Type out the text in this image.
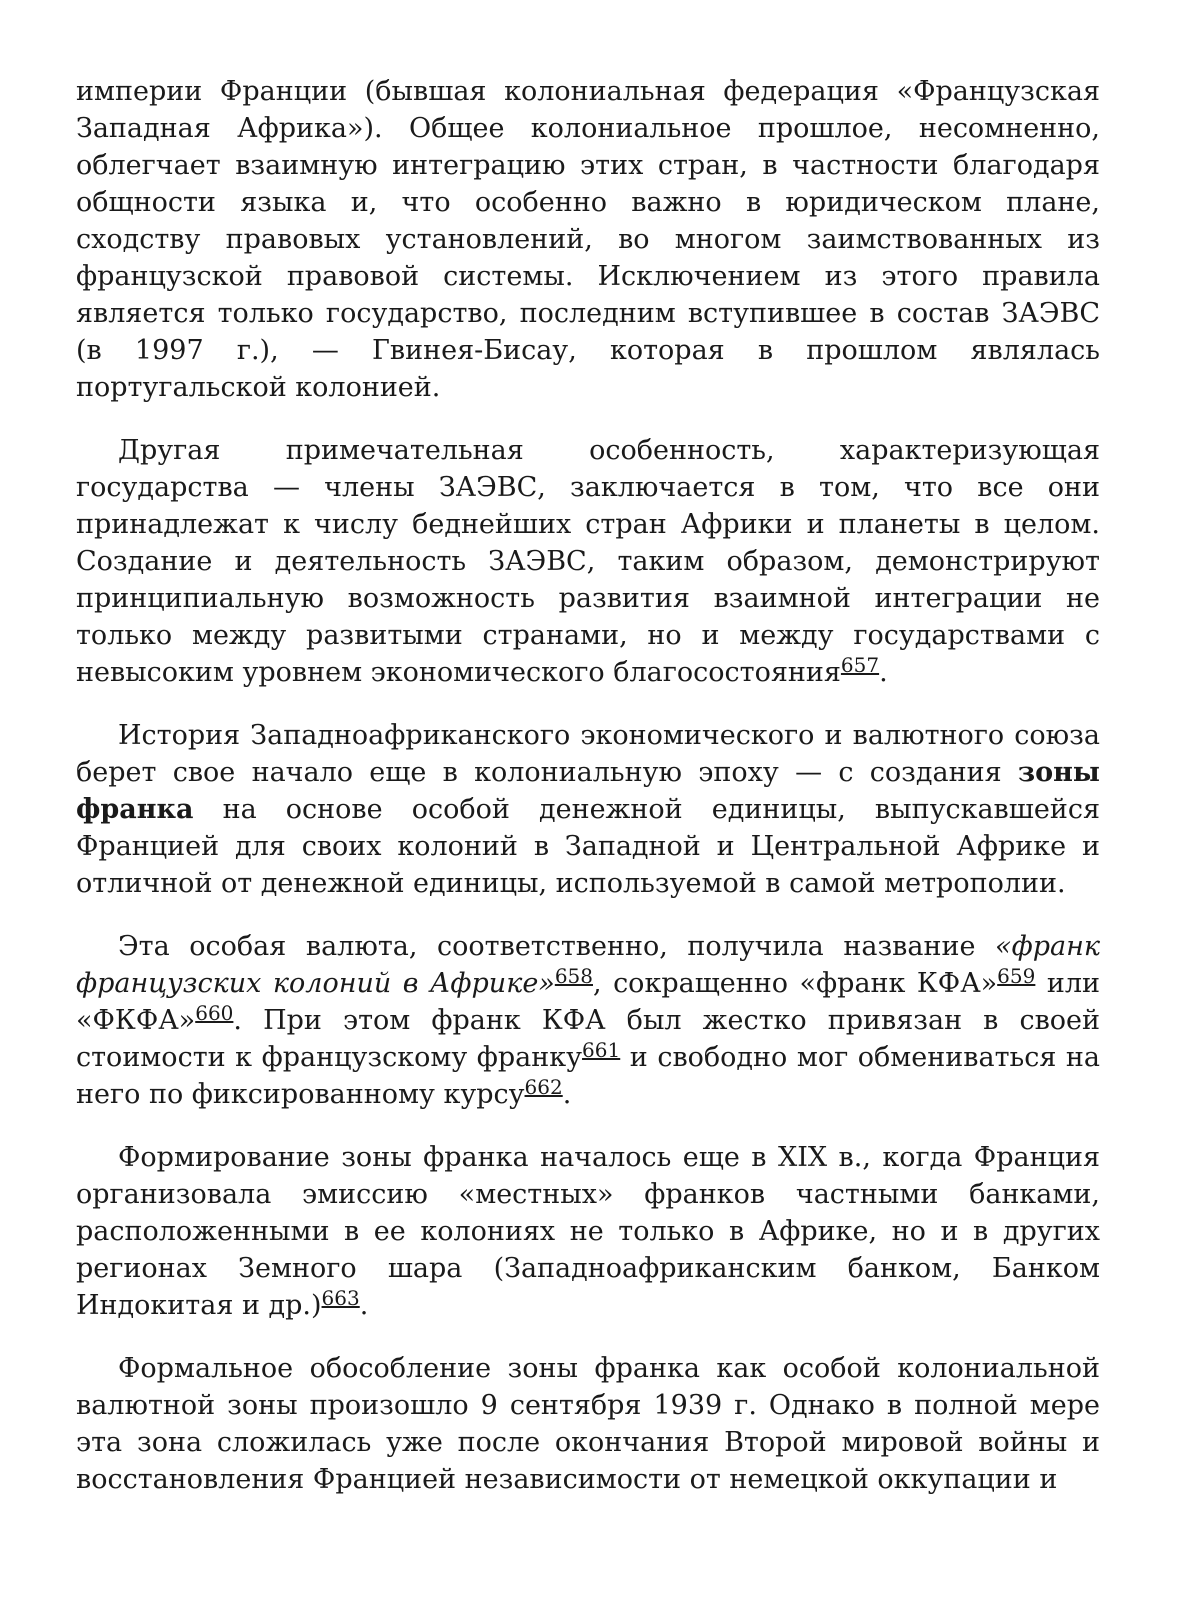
империи Франции (бывшая колониальная федерация «Французская Западная Африка»). Общее колониальное прошлое, несомненно, облегчает взаимную интеграцию этих стран, в частности благодаря общности языка и, что особенно важно в юридическом плане, сходству правовых установлений, во многом заимствованных из французской правовой системы. Исключением из этого правила является только государство, последним вступившее в состав ЗАЭВС (в 1997 г.), — Гвинея-Бисау, которая в прошлом являлась португальской колонией.

Другая примечательная особенность, характеризующая государства — члены ЗАЭВС, заключается в том, что все они принадлежат к числу беднейших стран Африки и планеты в целом. Создание и деятельность ЗАЭВС, таким образом, демонстрируют принципиальную возможность развития взаимной интеграции не только между развитыми странами, но и между государствами с невысоким уровнем экономического благосостояния$^{657}$.

История Западноафриканского экономического и валютного союза берет свое начало еще в колониальную эпоху — с создания зоны франка на основе особой денежной единицы, выпускавшейся Францией для своих колоний в Западной и Центральной Африке и отличной от денежной единицы, используемой в самой метрополии.

Эта особая валюта, соответственно, получила название «франк французских колоний в Африке»$^{658}$, сокращенно «франк КФА»$^{659}$ или «ФКФА»$^{660}$. При этом франк КФА был жестко привязан в своей стоимости к французскому франку$^{661}$ и свободно мог обмениваться на него по фиксированному курсу$^{662}$.

Формирование зоны франка началось еще в XIX в., когда Франция организовала эмиссию «местных» франков частными банками, расположенными в ее колониях не только в Африке, но и в других регионах Земного шара (Западноафриканским банком, Банком Индокитая и др.)$^{663}$.

Формальное обособление зоны франка как особой колониальной валютной зоны произошло 9 сентября 1939 г. Однако в полной мере эта зона сложилась уже после окончания Второй мировой войны и восстановления Францией независимости от немецкой оккупации и
